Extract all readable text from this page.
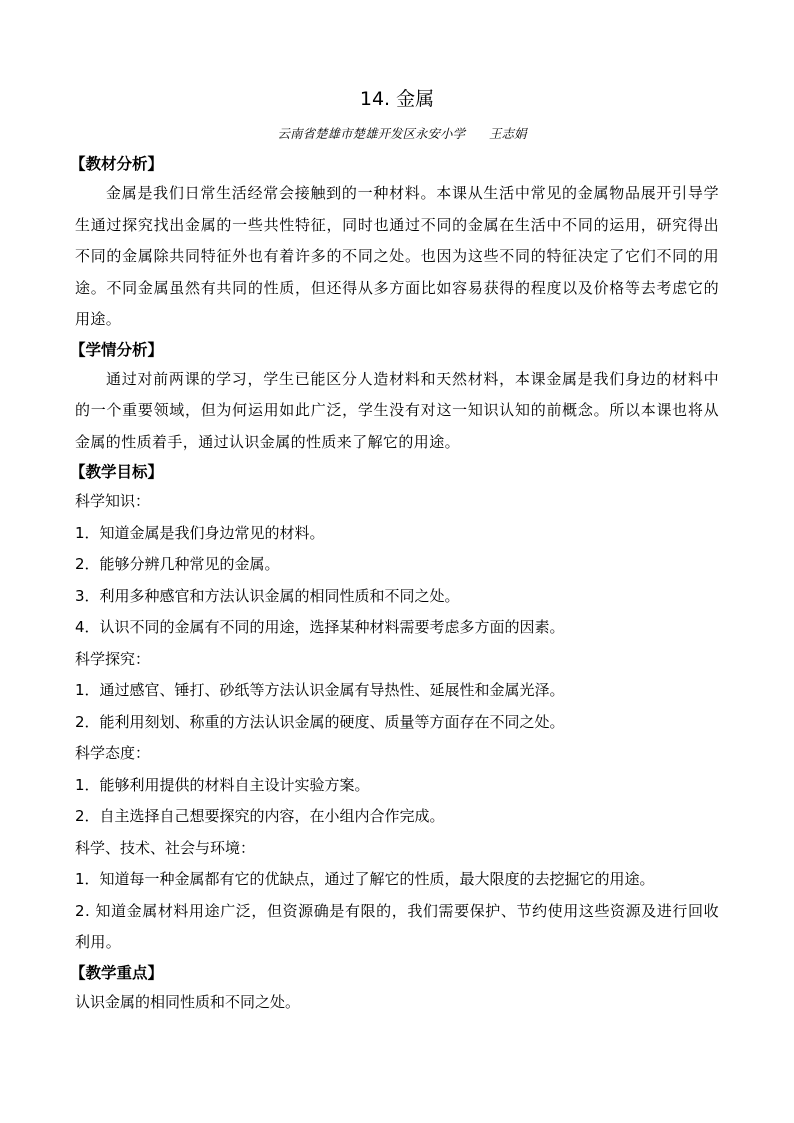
14. 金属
云南省楚雄市楚雄开发区永安小学 王志娟
【教材分析】
金属是我们日常生活经常会接触到的一种材料。本课从生活中常见的金属物品展开引导学生通过探究找出金属的一些共性特征，同时也通过不同的金属在生活中不同的运用，研究得出不同的金属除共同特征外也有着许多的不同之处。也因为这些不同的特征决定了它们不同的用途。不同金属虽然有共同的性质，但还得从多方面比如容易获得的程度以及价格等去考虑它的用途。
【学情分析】
通过对前两课的学习，学生已能区分人造材料和天然材料，本课金属是我们身边的材料中的一个重要领域，但为何运用如此广泛，学生没有对这一知识认知的前概念。所以本课也将从金属的性质着手，通过认识金属的性质来了解它的用途。
【教学目标】
科学知识：
1．知道金属是我们身边常见的材料。
2．能够分辨几种常见的金属。
3．利用多种感官和方法认识金属的相同性质和不同之处。
4．认识不同的金属有不同的用途，选择某种材料需要考虑多方面的因素。
科学探究：
1．通过感官、锤打、砂纸等方法认识金属有导热性、延展性和金属光泽。
2．能利用刻划、称重的方法认识金属的硬度、质量等方面存在不同之处。
科学态度：
1．能够利用提供的材料自主设计实验方案。
2．自主选择自己想要探究的内容，在小组内合作完成。
科学、技术、社会与环境：
1．知道每一种金属都有它的优缺点，通过了解它的性质，最大限度的去挖掘它的用途。
2. 知道金属材料用途广泛，但资源确是有限的，我们需要保护、节约使用这些资源及进行回收利用。
【教学重点】
认识金属的相同性质和不同之处。
